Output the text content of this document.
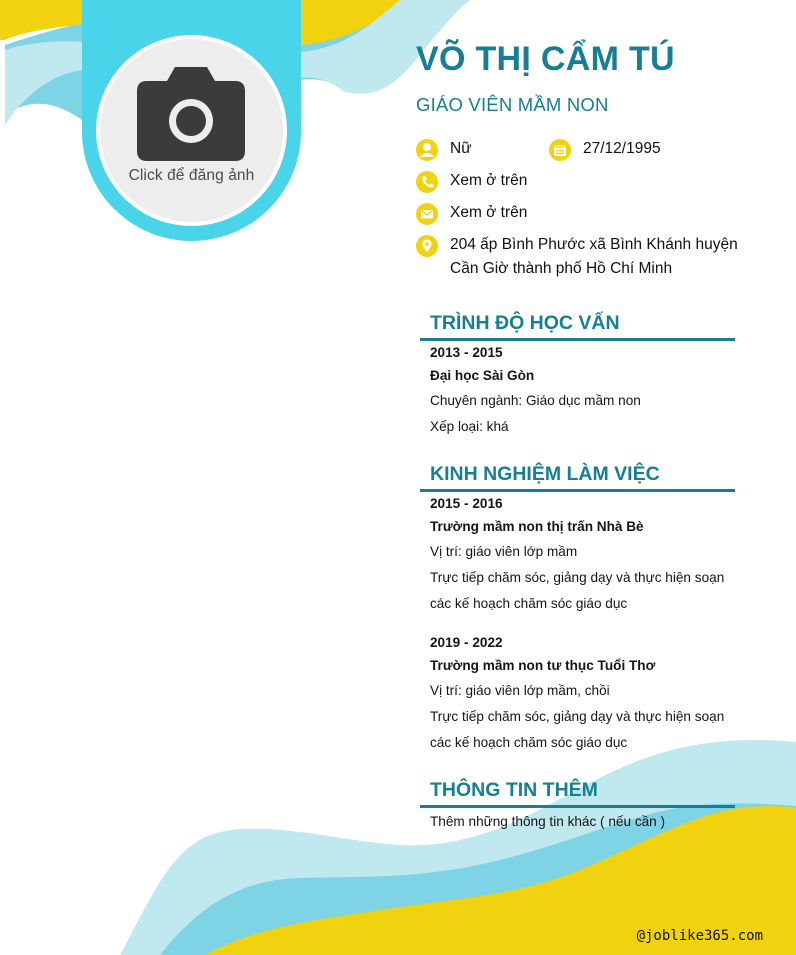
Click để đăng ảnh
VÕ THỊ CẨM TÚ
GIÁO VIÊN MẦM NON
Nữ	27/12/1995
Xem ở trên
Xem ở trên
204 ấp Bình Phước xã Bình Khánh huyện
Cần Giờ thành phố Hồ Chí Minh
TRÌNH ĐỘ HỌC VẤN
2013 - 2015
Đại học Sài Gòn
Chuyên ngành: Giáo dục mầm non
Xếp loại: khá
KINH NGHIỆM LÀM VIỆC
2015 - 2016
Trường mầm non thị trấn Nhà Bè
Vị trí: giáo viên lớp mầm
Trực tiếp chăm sóc, giảng dạy và thực hiện soạn
các kế hoạch chăm sóc giáo dục
2019 - 2022
Trường mầm non tư thục Tuổi Thơ
Vị trí: giáo viên lớp mầm, chồi
Trực tiếp chăm sóc, giảng dạy và thực hiện soạn
các kế hoạch chăm sóc giáo dục
THÔNG TIN THÊM
Thêm những thông tin khác ( nếu cần )
@joblike365.com
